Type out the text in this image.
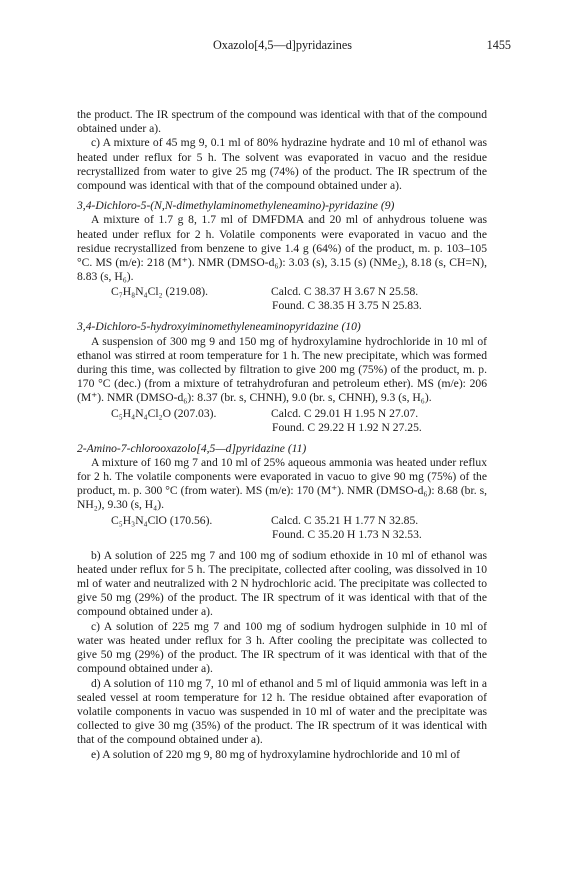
Oxazolo[4,5—d]pyridazines	1455

the product. The IR spectrum of the compound was identical with that of the compound obtained under a).

c) A mixture of 45 mg 9, 0.1 ml of 80% hydrazine hydrate and 10 ml of ethanol was heated under reflux for 5 h. The solvent was evaporated in vacuo and the residue recrystallized from water to give 25 mg (74%) of the product. The IR spectrum of the compound was identical with that of the compound obtained under a).

3,4-Dichloro-5-(N,N-dimethylaminomethyleneamino)-pyridazine (9)

A mixture of 1.7 g 8, 1.7 ml of DMFDMA and 20 ml of anhydrous toluene was heated under reflux for 2 h. Volatile components were evaporated in vacuo and the residue recrystallized from benzene to give 1.4 g (64%) of the product, m. p. 103–105 °C. MS (m/e): 218 (M⁺). NMR (DMSO-d₆): 3.03 (s), 3.15 (s) (NMe₂), 8.18 (s, CH=N), 8.83 (s, H₆).

C₇H₈N₄Cl₂ (219.08).	Calcd. C 38.37 H 3.67 N 25.58.
Found. C 38.35 H 3.75 N 25.83.

3,4-Dichloro-5-hydroxyiminomethyleneaminopyridazine (10)

A suspension of 300 mg 9 and 150 mg of hydroxylamine hydrochloride in 10 ml of ethanol was stirred at room temperature for 1 h. The new precipitate, which was formed during this time, was collected by filtration to give 200 mg (75%) of the product, m. p. 170 °C (dec.) (from a mixture of tetrahydrofuran and petroleum ether). MS (m/e): 206 (M⁺). NMR (DMSO-d₆): 8.37 (br. s, CHNH), 9.0 (br. s, CHNH), 9.3 (s, H₆).

C₅H₄N₄Cl₂O (207.03).	Calcd. C 29.01 H 1.95 N 27.07.
Found. C 29.22 H 1.92 N 27.25.

2-Amino-7-chlorooxazolo[4,5—d]pyridazine (11)

A mixture of 160 mg 7 and 10 ml of 25% aqueous ammonia was heated under reflux for 2 h. The volatile components were evaporated in vacuo to give 90 mg (75%) of the product, m. p. 300 °C (from water). MS (m/e): 170 (M⁺). NMR (DMSO-d₆): 8.68 (br. s, NH₂), 9.30 (s, H₄).

C₅H₃N₄ClO (170.56).	Calcd. C 35.21 H 1.77 N 32.85.
Found. C 35.20 H 1.73 N 32.53.

b) A solution of 225 mg 7 and 100 mg of sodium ethoxide in 10 ml of ethanol was heated under reflux for 5 h. The precipitate, collected after cooling, was dissolved in 10 ml of water and neutralized with 2 N hydrochloric acid. The precipitate was collected to give 50 mg (29%) of the product. The IR spectrum of it was identical with that of the compound obtained under a).

c) A solution of 225 mg 7 and 100 mg of sodium hydrogen sulphide in 10 ml of water was heated under reflux for 3 h. After cooling the precipitate was collected to give 50 mg (29%) of the product. The IR spectrum of it was identical with that of the compound obtained under a).

d) A solution of 110 mg 7, 10 ml of ethanol and 5 ml of liquid ammonia was left in a sealed vessel at room temperature for 12 h. The residue obtained after evaporation of volatile components in vacuo was suspended in 10 ml of water and the precipitate was collected to give 30 mg (35%) of the product. The IR spectrum of it was identical with that of the compound obtained under a).

e) A solution of 220 mg 9, 80 mg of hydroxylamine hydrochloride and 10 ml of
